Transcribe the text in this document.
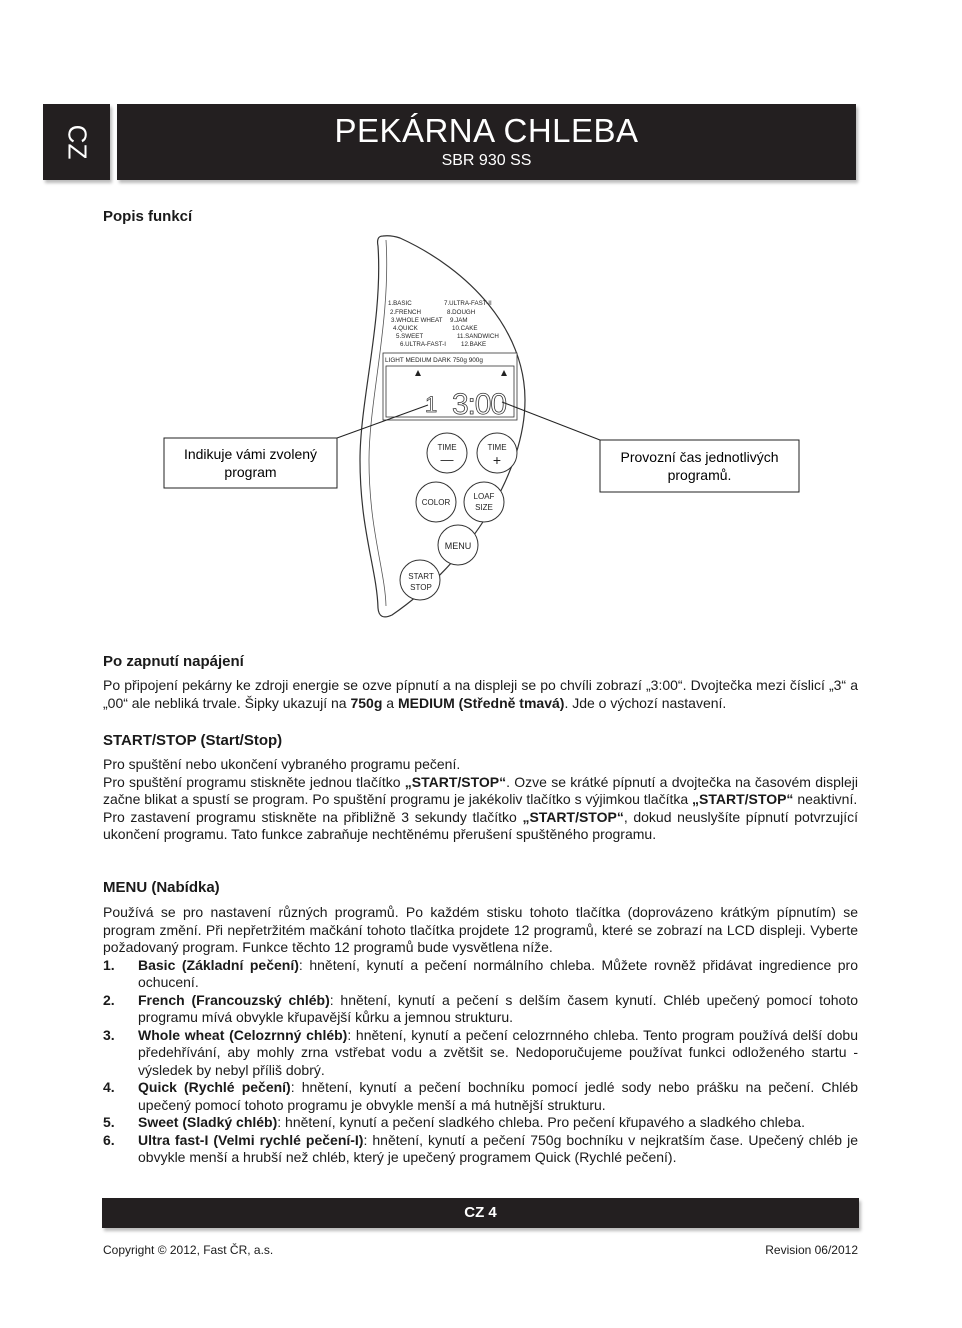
CZ	PEKÁRNA CHLEBA
SBR 930 SS
Popis funkcí
1.BASIC
2.FRENCH
3.WHOLE WHEAT
4.QUICK
5.SWEET
6.ULTRA-FAST-I
7.ULTRA-FAST-II
8.DOUGH
9.JAM
10.CAKE
11.SANDWICH
12.BAKE
LIGHT MEDIUM DARK 750g 900g
1 3:00
TIME
—
TIME
+
COLOR
LOAF
SIZE
MENU
START
STOP
Indikuje vámi zvolený
program
Provozní čas jednotlivých
programů.
Po zapnutí napájení
Po připojení pekárny ke zdroji energie se ozve pípnutí a na displeji se po chvíli zobrazí „3:00“. Dvojtečka mezi číslicí „3“ a „00“ ale nebliká trvale. Šipky ukazují na 750g a MEDIUM (Středně tmavá). Jde o výchozí nastavení.
START/STOP (Start/Stop)
Pro spuštění nebo ukončení vybraného programu pečení.
Pro spuštění programu stiskněte jednou tlačítko „START/STOP“. Ozve se krátké pípnutí a dvojtečka na časovém displeji začne blikat a spustí se program. Po spuštění programu je jakékoliv tlačítko s výjimkou tlačítka „START/STOP“ neaktivní.
Pro zastavení programu stiskněte na přibližně 3 sekundy tlačítko „START/STOP“, dokud neuslyšíte pípnutí potvrzující ukončení programu. Tato funkce zabraňuje nechtěnému přerušení spuštěného programu.
MENU (Nabídka)
Používá se pro nastavení různých programů. Po každém stisku tohoto tlačítka (doprovázeno krátkým pípnutím) se program změní. Při nepřetržitém mačkání tohoto tlačítka projdete 12 programů, které se zobrazí na LCD displeji. Vyberte požadovaný program. Funkce těchto 12 programů bude vysvětlena níže.
1.	Basic (Základní pečení): hnětení, kynutí a pečení normálního chleba. Můžete rovněž přidávat ingredience pro ochucení.
2.	French (Francouzský chléb): hnětení, kynutí a pečení s delším časem kynutí. Chléb upečený pomocí tohoto programu mívá obvykle křupavější kůrku a jemnou strukturu.
3.	Whole wheat (Celozrnný chléb): hnětení, kynutí a pečení celozrnného chleba. Tento program používá delší dobu předehřívání, aby mohly zrna vstřebat vodu a zvětšit se. Nedoporučujeme používat funkci odloženého startu - výsledek by nebyl příliš dobrý.
4.	Quick (Rychlé pečení): hnětení, kynutí a pečení bochníku pomocí jedlé sody nebo prášku na pečení. Chléb upečený pomocí tohoto programu je obvykle menší a má hutnější strukturu.
5.	Sweet (Sladký chléb): hnětení, kynutí a pečení sladkého chleba. Pro pečení křupavého a sladkého chleba.
6.	Ultra fast-I (Velmi rychlé pečení-I): hnětení, kynutí a pečení 750g bochníku v nejkratším čase. Upečený chléb je obvykle menší a hrubší než chléb, který je upečený programem Quick (Rychlé pečení).
CZ 4
Copyright © 2012, Fast ČR, a.s.	Revision 06/2012
